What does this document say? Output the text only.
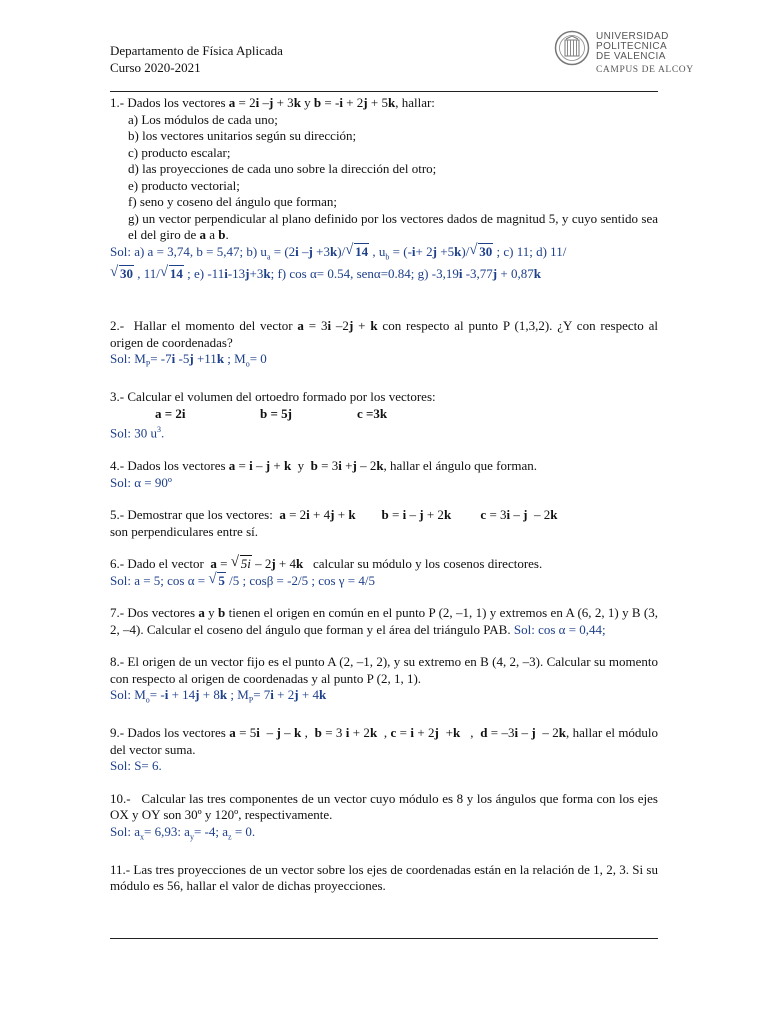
Departamento de Física Aplicada
Curso 2020-2021
UNIVERSIDAD
POLITECNICA
DE VALENCIA
CAMPUS DE ALCOY

1.- Dados los vectores a = 2i –j + 3k y b = -i + 2j + 5k, hallar:

a) Los módulos de cada uno;

b) los vectores unitarios según su dirección;

c) producto escalar;

d) las proyecciones de cada uno sobre la dirección del otro;

e) producto vectorial;

f) seno y coseno del ángulo que forman;

g) un vector perpendicular al plano definido por los vectores dados de magnitud 5, y cuyo sentido sea el del giro de a a b.

Sol: a) a = 3,74, b = 5,47; b) $u_a = (2i$ –j +3k)/√ 14 , $u_b = (-i+ 2j +5k)/√$ 30 ; c) 11; d) 11/

√ 30 , 11/√ 14 ; e) -11i-13j+3k; f) cos α= 0.54, senα=0.84; g) -3,19i -3,77j + 0,87k

2.-  Hallar el momento del vector a = 3i –2j + k con respecto al punto P (1,3,2). ¿Y con respecto al origen de coordenadas?

Sol: $M_P= -7i$ -5j +11k ; $M_o= 0$

3.- Calcular el volumen del ortoedro formado por los vectores:

a = 2i	b = 5j	c =3k

Sol: 30 $u^3$.

4.- Dados los vectores a = i – j + k  y  b = 3i +j – 2k, hallar el ángulo que forman.

Sol: α = 90º

5.- Demostrar que los vectores:  a = 2i + 4j + k b = i – j + 2k c = 3i – j  – 2k

son perpendiculares entre sí.

6.- Dado el vector  a = √ 5i – 2j + 4k   calcular su módulo y los cosenos directores.

Sol: a = 5; cos α = √ 5 /5 ; cosβ = -2/5 ; cos γ = 4/5

7.- Dos vectores a y b tienen el origen en común en el punto P (2, –1, 1) y extremos en A (6, 2, 1) y B (3, 2, –4). Calcular el coseno del ángulo que forman y el área del triángulo PAB. Sol: cos α = 0,44;

8.- El origen de un vector fijo es el punto A (2, –1, 2), y su extremo en B (4, 2, –3). Calcular su momento con respecto al origen de coordenadas y al punto P (2, 1, 1).

Sol: $M_o= -i + 14j + 8k$ ; $M_P= 7i + 2j + 4k$

9.- Dados los vectores a = 5i  – j – k ,  b = 3 i + 2k  , c = i + 2j  +k   ,  d = –3i – j  – 2k, hallar el módulo del vector suma.

Sol: S= 6.

10.-   Calcular las tres componentes de un vector cuyo módulo es 8 y los ángulos que forma con los ejes OX y OY son 30º y 120º, respectivamente.

Sol: $a_x= 6,93$: $a_y= -4$; $a_z = 0$.

11.- Las tres proyecciones de un vector sobre los ejes de coordenadas están en la relación de 1, 2, 3. Si su módulo es 56, hallar el valor de dichas proyecciones.
